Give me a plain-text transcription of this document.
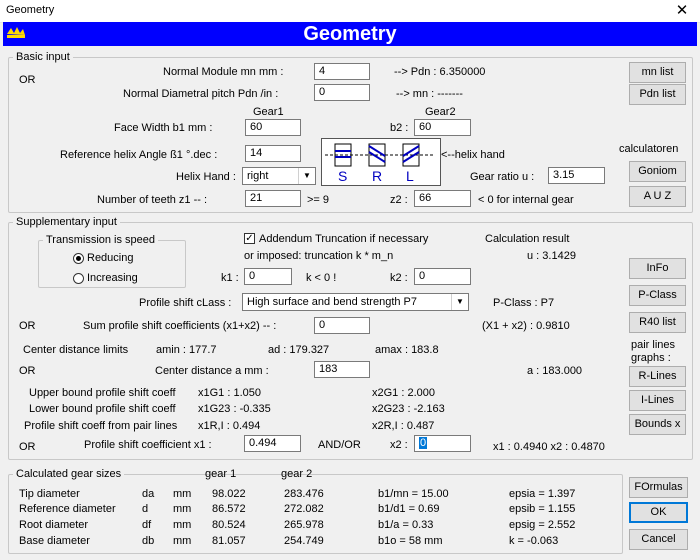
Geometry	✕
Geometry
Basic input
OR
Normal Module mn mm :	4	--> Pdn : 6.350000
Normal Diametral pitch Pdn /in :	0	--> mn : -------
Gear1	Gear2
Face Width b1 mm :	60	b2 : 60
Reference helix Angle ß1 °.dec :	14
S R L
<--helix hand
Helix Hand :	right	▼	Gear ratio u :	3.15
Number of teeth z1 -- :	21	>= 9	z2 :	66	< 0 for internal gear
mn list
Pdn list
calculatoren
Goniom
A U Z
Supplementary input
Transmission is speed
Reducing
Increasing
✓ Addendum Truncation if necessary
or imposed: truncation k * m_n
k1 : 0	k < 0 !	k2 :	0
Calculation result
u : 3.1429
Profile shift cLass :	High surface and bend strength P7	▼	P-Class : P7
OR	Sum profile shift coefficients (x1+x2) -- :	0	(X1 + x2) : 0.9810
Center distance limits	amin : 177.7	ad : 179.327	amax : 183.8
OR	Center distance a mm :	183	a : 183.000
Upper bound profile shift coeff x1G1 : 1.050	x2G1 : 2.000
Lower bound profile shift coeff x1G23 : -0.335	x2G23 : -2.163
Profile shift coeff from pair lines x1R,I : 0.494	x2R,I : 0.487
OR	Profile shift coefficient x1 :	0.494	AND/OR	x2 :	0	x1 : 0.4940 x2 : 0.4870
InFo
P-Class
R40 list
pair lines
graphs :
R-Lines
I-Lines
Bounds x
Calculated gear sizes	gear 1	gear 2
Tip diameter	da mm 98.022	283.476	b1/mn = 15.00	epsia = 1.397
Reference diameter d mm 86.572	272.082	b1/d1 = 0.69	epsib = 1.155
Root diameter	df mm 80.524	265.978	b1/a = 0.33	epsig = 2.552
Base diameter	db mm 81.057	254.749	b1o = 58 mm	k = -0.063
FOrmulas
OK
Cancel
